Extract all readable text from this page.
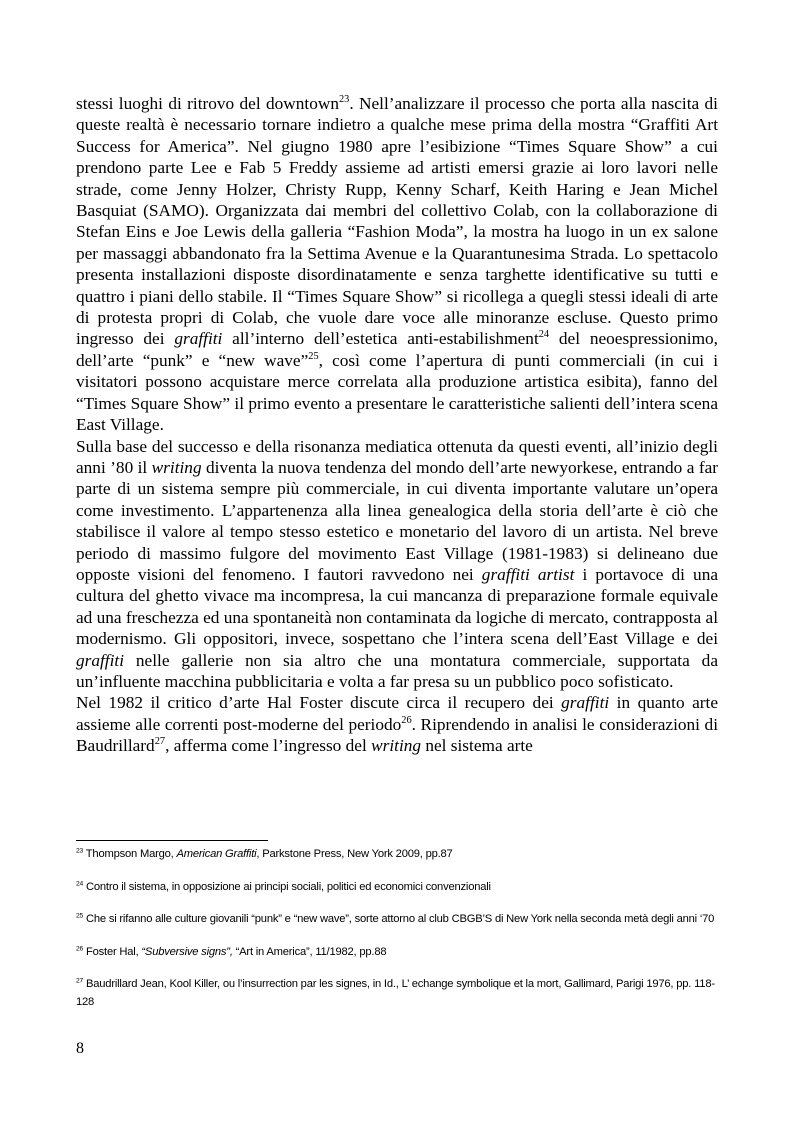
stessi luoghi di ritrovo del downtown$^{23}$. Nell’analizzare il processo che porta alla nascita di queste realtà è necessario tornare indietro a qualche mese prima della mostra “Graffiti Art Success for America”. Nel giugno 1980 apre l’esibizione “Times Square Show” a cui prendono parte Lee e Fab 5 Freddy assieme ad artisti emersi grazie ai loro lavori nelle strade, come Jenny Holzer, Christy Rupp, Kenny Scharf, Keith Haring e Jean Michel Basquiat (SAMO). Organizzata dai membri del collettivo Colab, con la collaborazione di Stefan Eins e Joe Lewis della galleria “Fashion Moda”, la mostra ha luogo in un ex salone per massaggi abbandonato fra la Settima Avenue e la Quarantunesima Strada. Lo spettacolo presenta installazioni disposte disordinatamente e senza targhette identificative su tutti e quattro i piani dello stabile. Il “Times Square Show” si ricollega a quegli stessi ideali di arte di protesta propri di Colab, che vuole dare voce alle minoranze escluse. Questo primo ingresso dei graffiti all’interno dell’estetica anti-estabilishment$^{24}$ del neoespressionimo, dell’arte “punk” e “new wave”$^{25}$, così come l’apertura di punti commerciali (in cui i visitatori possono acquistare merce correlata alla produzione artistica esibita), fanno del “Times Square Show” il primo evento a presentare le caratteristiche salienti dell’intera scena East Village.

Sulla base del successo e della risonanza mediatica ottenuta da questi eventi, all’inizio degli anni ’80 il writing diventa la nuova tendenza del mondo dell’arte newyorkese, entrando a far parte di un sistema sempre più commerciale, in cui diventa importante valutare un’opera come investimento. L’appartenenza alla linea genealogica della storia dell’arte è ciò che stabilisce il valore al tempo stesso estetico e monetario del lavoro di un artista. Nel breve periodo di massimo fulgore del movimento East Village (1981-1983) si delineano due opposte visioni del fenomeno. I fautori ravvedono nei graffiti artist i portavoce di una cultura del ghetto vivace ma incompresa, la cui mancanza di preparazione formale equivale ad una freschezza ed una spontaneità non contaminata da logiche di mercato, contrapposta al modernismo. Gli oppositori, invece, sospettano che l’intera scena dell’East Village e dei graffiti nelle gallerie non sia altro che una montatura commerciale, supportata da un’influente macchina pubblicitaria e volta a far presa su un pubblico poco sofisticato.

Nel 1982 il critico d’arte Hal Foster discute circa il recupero dei graffiti in quanto arte assieme alle correnti post-moderne del periodo$^{26}$. Riprendendo in analisi le considerazioni di Baudrillard$^{27}$, afferma come l’ingresso del writing nel sistema arte

$^{23}$ Thompson Margo, American Graffiti, Parkstone Press, New York 2009, pp.87

$^{24}$ Contro il sistema, in opposizione ai principi sociali, politici ed economici convenzionali

$^{25}$ Che si rifanno alle culture giovanili “punk” e “new wave”, sorte attorno al club CBGB’S di New York nella seconda metà degli anni ‘70

$^{26}$ Foster Hal, “Subversive signs”, “Art in America”, 11/1982, pp.88

$^{27}$ Baudrillard Jean, Kool Killer, ou l’insurrection par les signes, in Id., L’ echange symbolique et la mort, Gallimard, Parigi 1976, pp. 118-128

8
